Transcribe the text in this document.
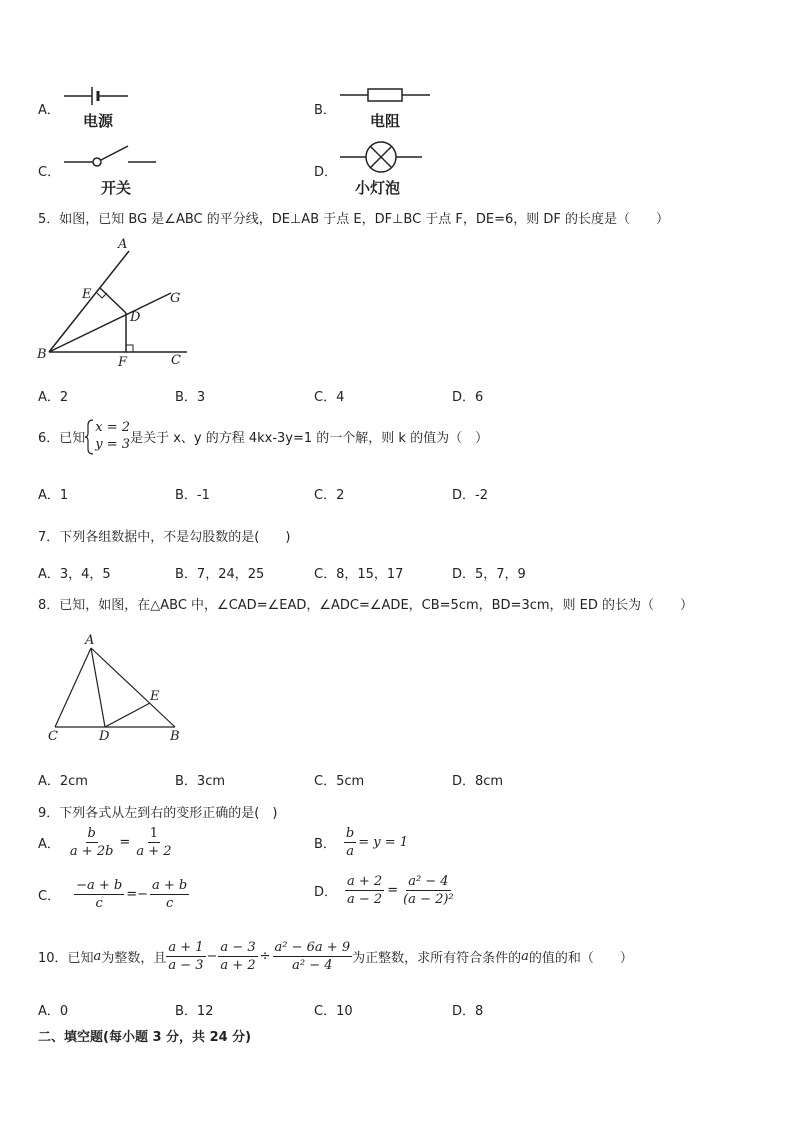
A．
电源
B．
电阻
C．
开关
D．
小灯泡
5．如图，已知 BG 是∠ABC 的平分线，DE⊥AB 于点 E，DF⊥BC 于点 F，DE=6，则 DF 的长度是（　　）
A
E	G
D
B
F	C
A．2	B．3	C．4	D．6
6．已知
x = 2
y = 3 是关于 x、y 的方程 4kx-3y=1 的一个解，则 k 的值为（　）
A．1	B．-1	C．2	D．-2
7．下列各组数据中，不是勾股数的是(　　)
A．3，4，5	B．7，24，25	C．8，15，17	D．5，7，9
8．已知，如图，在△ABC 中，∠CAD=∠EAD，∠ADC=∠ADE，CB=5cm，BD=3cm，则 ED 的长为（　　）
A
E
C	D	B
A．2cm	B．3cm	C．5cm	D．8cm
9．下列各式从左到右的变形正确的是(　)
A． $\frac{b}{a + 2b} = \frac{1}{a + 2}$	B． $\frac{b}{a} = y = 1$
C． $\frac{-a + b}{c} =- \frac{a + b}{c}$	D． $\frac{a + 2}{a - 2} = \frac{\text{a² − 4}}{\text{(a − 2)²}}$
10．已知 a 为整数，且 $\frac{a + 1}{a - 3} - \frac{a - 3}{a + 2} \div \frac{\text{a² − 6a + 9}}{\text{a² − 4}}$ 为正整数，求所有符合条件的 a 的值的和（　　）
A．0	B．12	C．10	D．8
二、填空题(每小题 3 分，共 24 分)
